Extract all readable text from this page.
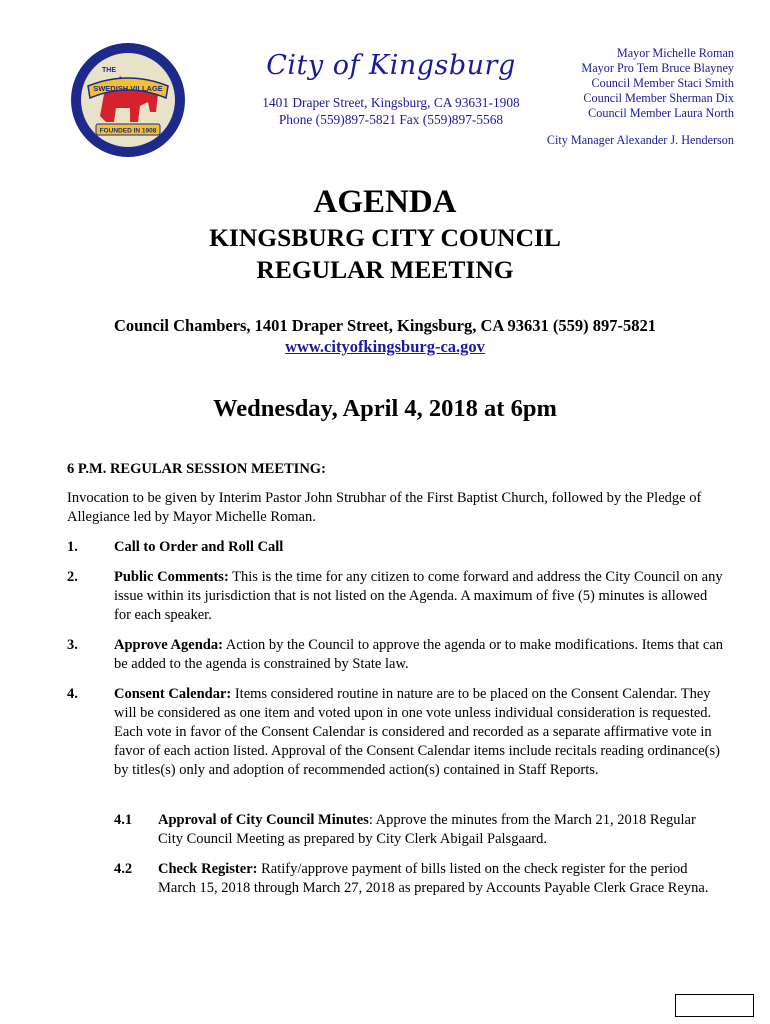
THE
SWEDISH VILLAGE
FOUNDED IN 1908
City of Kingsburg
1401 Draper Street, Kingsburg, CA 93631-1908
Phone (559)897-5821 Fax (559)897-5568
Mayor Michelle Roman
Mayor Pro Tem Bruce Blayney
Council Member Staci Smith
Council Member Sherman Dix
Council Member Laura North
City Manager Alexander J. Henderson
AGENDA
KINGSBURG CITY COUNCIL
REGULAR MEETING
Council Chambers, 1401 Draper Street, Kingsburg, CA 93631 (559) 897-5821
www.cityofkingsburg-ca.gov
Wednesday, April 4, 2018 at 6pm
6 P.M. REGULAR SESSION MEETING:
Invocation to be given by Interim Pastor John Strubhar of the First Baptist Church, followed by the Pledge of Allegiance led by Mayor Michelle Roman.
1. Call to Order and Roll Call
2. Public Comments: This is the time for any citizen to come forward and address the City Council on any issue within its jurisdiction that is not listed on the Agenda. A maximum of five (5) minutes is allowed for each speaker.
3. Approve Agenda: Action by the Council to approve the agenda or to make modifications. Items that can be added to the agenda is constrained by State law.
4. Consent Calendar: Items considered routine in nature are to be placed on the Consent Calendar. They will be considered as one item and voted upon in one vote unless individual consideration is requested. Each vote in favor of the Consent Calendar is considered and recorded as a separate affirmative vote in favor of each action listed. Approval of the Consent Calendar items include recitals reading ordinance(s) by titles(s) only and adoption of recommended action(s) contained in Staff Reports.
4.1 Approval of City Council Minutes: Approve the minutes from the March 21, 2018 Regular City Council Meeting as prepared by City Clerk Abigail Palsgaard.
4.2 Check Register: Ratify/approve payment of bills listed on the check register for the period March 15, 2018 through March 27, 2018 as prepared by Accounts Payable Clerk Grace Reyna.
